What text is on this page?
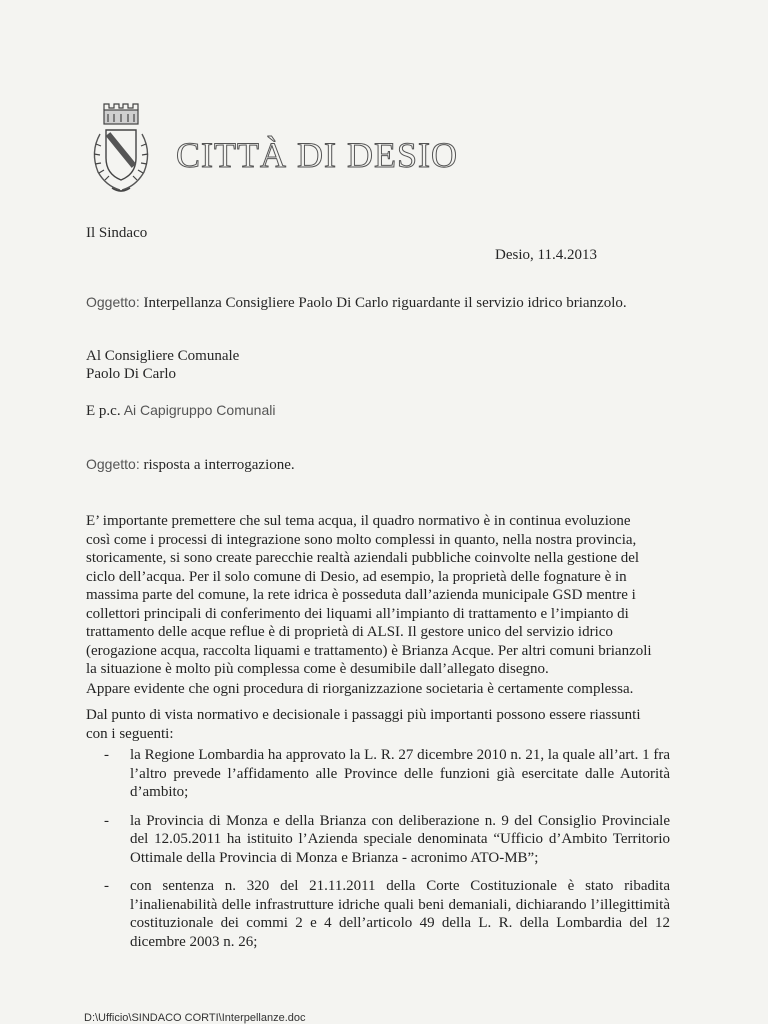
CITTÀ DI DESIO
Il Sindaco
Desio, 11.4.2013
Oggetto: Interpellanza Consigliere Paolo Di Carlo riguardante il servizio idrico brianzolo.
Al Consigliere Comunale
Paolo Di Carlo
E p.c. Ai Capigruppo Comunali
Oggetto: risposta a interrogazione.
E’ importante premettere che sul tema acqua, il quadro normativo è in continua evoluzione
così come i processi di integrazione sono molto complessi in quanto, nella nostra provincia,
storicamente, si sono create parecchie realtà aziendali pubbliche coinvolte nella gestione del
ciclo dell’acqua. Per il solo comune di Desio, ad esempio, la proprietà delle fognature è in
massima parte del comune, la rete idrica è posseduta dall’azienda municipale GSD mentre i
collettori principali di conferimento dei liquami all’impianto di trattamento e l’impianto di
trattamento delle acque reflue è di proprietà di ALSI. Il gestore unico del servizio idrico
(erogazione acqua, raccolta liquami e trattamento) è Brianza Acque. Per altri comuni brianzoli
la situazione è molto più complessa come è desumibile dall’allegato disegno.
Appare evidente che ogni procedura di riorganizzazione societaria è certamente complessa.
Dal punto di vista normativo e decisionale i passaggi più importanti possono essere riassunti
con i seguenti:
- la Regione Lombardia ha approvato la L. R. 27 dicembre 2010 n. 21, la quale all’art. 1 fra l’altro prevede l’affidamento alle Province delle funzioni già esercitate dalle Autorità d’ambito;
- la Provincia di Monza e della Brianza con deliberazione n. 9 del Consiglio Provinciale del 12.05.2011 ha istituito l’Azienda speciale denominata “Ufficio d’Ambito Territorio Ottimale della Provincia di Monza e Brianza - acronimo ATO-MB”;
- con sentenza n. 320 del 21.11.2011 della Corte Costituzionale è stato ribadita l’inalienabilità delle infrastrutture idriche quali beni demaniali, dichiarando l’illegittimità costituzionale dei commi 2 e 4 dell’articolo 49 della L. R. della Lombardia del 12 dicembre 2003 n. 26;
D:\Ufficio\SINDACO CORTI\Interpellanze.doc
